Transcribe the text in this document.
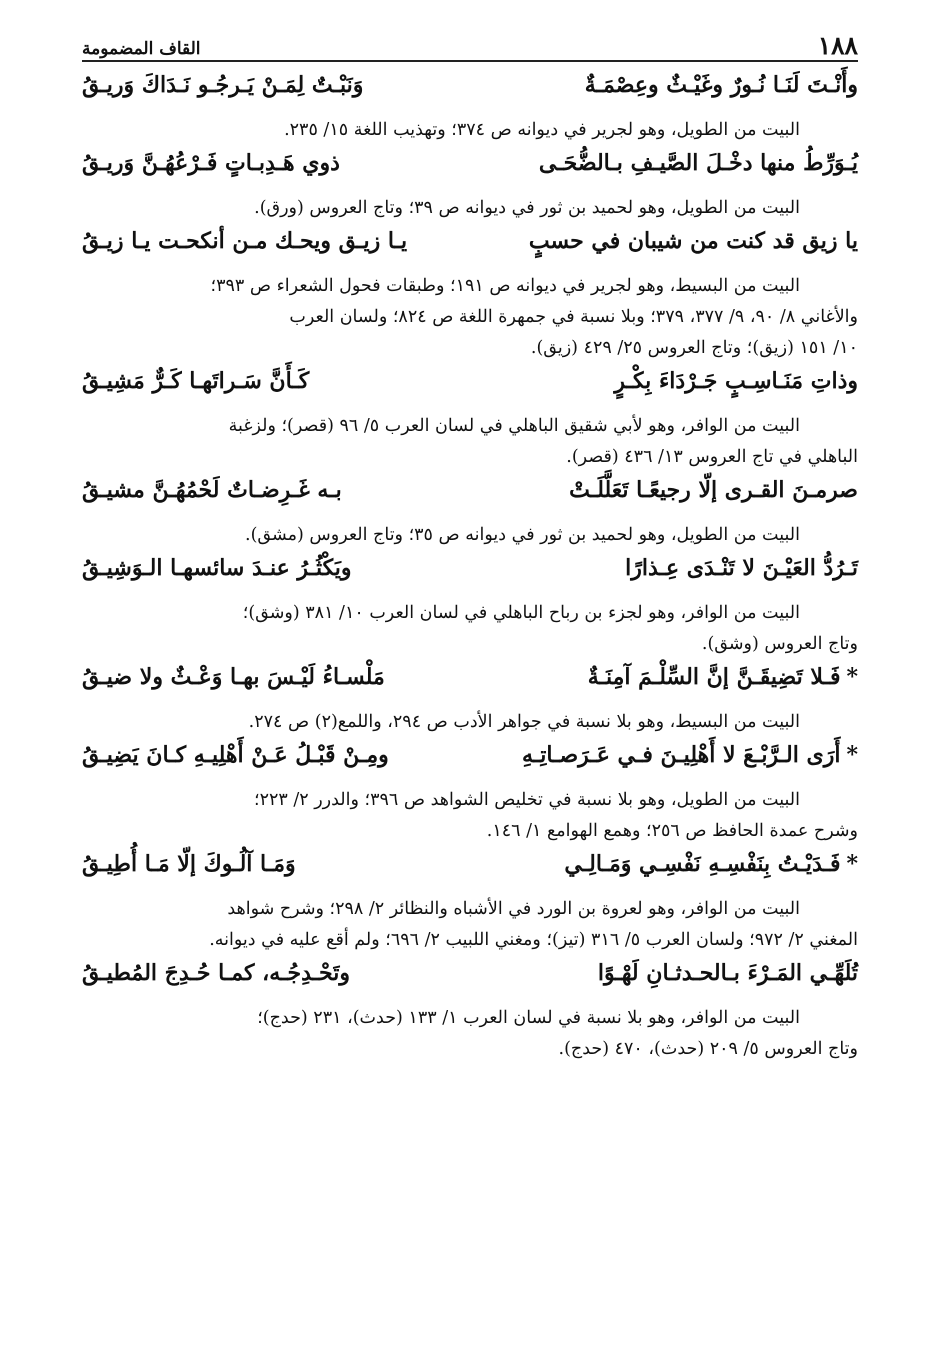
١٨٨
القاف المضمومة
وأَنْـتَ لَنَـا نُـورٌ وغَيْـثٌ وعِصْمَـةٌ
وَنَبْـتٌ لِمَـنْ يَـرجُـو نَـدَاكَ وَريـقُ
البيت من الطويل، وهو لجرير في ديوانه ص ٣٧٤؛ وتهذيب اللغة ١٥/ ٢٣٥.
يُـوَرِّطُ منها دخْـلَ الصَّيـفِ بـالضُّحَـى
ذوي هَـدِبـاتٍ فَـرْعُهُـنَّ وَريـقُ
البيت من الطويل، وهو لحميد بن ثور في ديوانه ص ٣٩؛ وتاج العروس (ورق).
يا زيق قد كنت من شيبان في حسبٍ
يـا زيـق ويحـك مـن أنكحـت يـا زيـقُ
البيت من البسيط، وهو لجرير في ديوانه ص ١٩١؛ وطبقات فحول الشعراء ص ٣٩٣؛
والأغاني ٨/ ٩٠، ٩/ ٣٧٧، ٣٧٩؛ وبلا نسبة في جمهرة اللغة ص ٨٢٤؛ ولسان العرب
١٠/ ١٥١ (زيق)؛ وتاج العروس ٢٥/ ٤٢٩ (زيق).
وذاتِ مَنَـاسِـبٍ جَـرْدَاءَ بِكْـرٍ
كَـأَنَّ سَـراتَهـا كَـرٌّ مَشِيـقُ
البيت من الوافر، وهو لأبي شقيق الباهلي في لسان العرب ٥/ ٩٦ (قصر)؛ ولزغبة
الباهلي في تاج العروس ١٣/ ٤٣٦ (قصر).
صرمـنَ القـرى إلّا رجيعًـا تَعَلَّلَـتْ
بـه غَـرِضـاتٌ لَحْمُهُـنَّ مشيـقُ
البيت من الطويل، وهو لحميد بن ثور في ديوانه ص ٣٥؛ وتاج العروس (مشق).
تَـرُدُّ العَيْـنَ لا تَنْـدَى عِـذارًا
ويَكْثُـرُ عنـدَ سائسهـا الـوَشِيـقُ
البيت من الوافر، وهو لجزء بن رباح الباهلي في لسان العرب ١٠/ ٣٨١ (وشق)؛
وتاج العروس (وشق).
*فَـلا تَضِيقَـنَّ إنَّ السِّلْـمَ آمِنَـةٌ
مَلْسـاءُ لَيْـسَ بهـا وَعْـثٌ ولا ضيـقُ
البيت من البسيط، وهو بلا نسبة في جواهر الأدب ص ٢٩٤، واللمع(٢) ص ٢٧٤.
*أَرَى الـرَّبْـعَ لا أَهْلِيـنَ فـي عَـرَصـاتِـهِ
ومِـنْ قَبْـلُ عَـنْ أَهْلِيـهِ كـانَ يَضِيـقُ
البيت من الطويل، وهو بلا نسبة في تخليص الشواهد ص ٣٩٦؛ والدرر ٢/ ٢٢٣؛
وشرح عمدة الحافظ ص ٢٥٦؛ وهمع الهوامع ١/ ١٤٦.
*فَـدَيْـتُ بِنَفْسِـهِ نَفْسِـي وَمَـالِـي
وَمَـا آلُـوكَ إلّا مَـا أُطِيـقُ
البيت من الوافر، وهو لعروة بن الورد في الأشباه والنظائر ٢/ ٢٩٨؛ وشرح شواهد
المغني ٢/ ٩٧٢؛ ولسان العرب ٥/ ٣١٦ (تيز)؛ ومغني اللبيب ٢/ ٦٩٦؛ ولم أقع عليه في ديوانه.
تُلَهِّـي المَـرْءَ بـالحـدثـانِ لَهْـوًا
وتَحْـدِجُـه، كمـا حُـدِجَ المُطيـقُ
البيت من الوافر، وهو بلا نسبة في لسان العرب ١/ ١٣٣ (حدث)، ٢٣١ (حدج)؛
وتاج العروس ٥/ ٢٠٩ (حدث)، ٤٧٠ (حدج).
